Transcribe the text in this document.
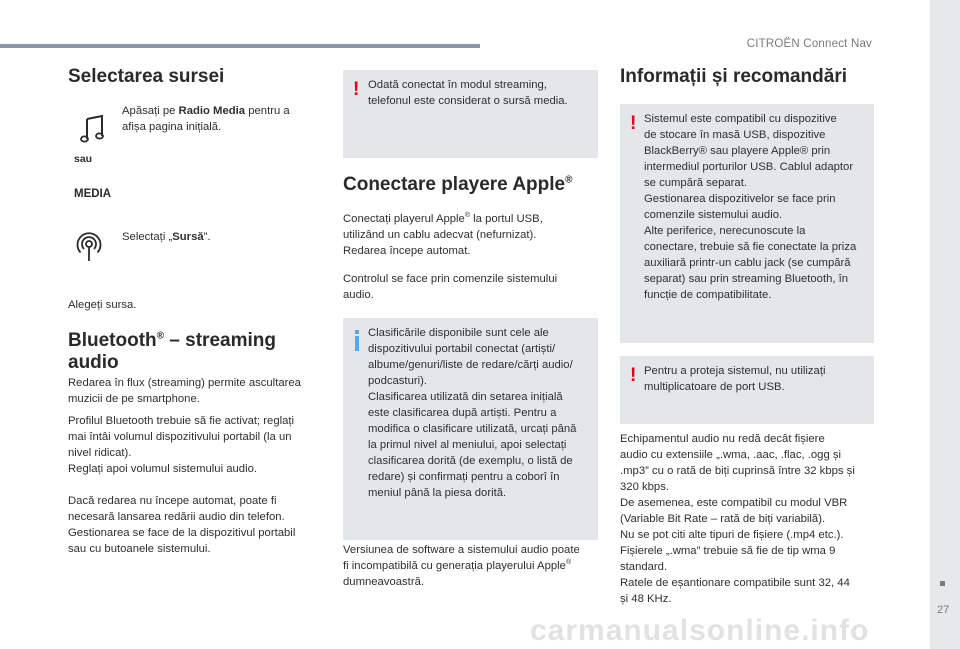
CITROËN Connect Nav
27
Selectarea sursei
Apăsați pe Radio Media pentru a
afișa pagina inițială.
sau
MEDIA
Selectați „Sursă”.

Alegeți sursa.

Bluetooth® – streaming
audio

Redarea în flux (streaming) permite ascultarea
muzicii de pe smartphone.

Profilul Bluetooth trebuie să fie activat; reglați
mai întâi volumul dispozitivului portabil (la un
nivel ridicat).
Reglați apoi volumul sistemului audio.

Dacă redarea nu începe automat, poate fi
necesară lansarea redării audio din telefon.
Gestionarea se face de la dispozitivul portabil
sau cu butoanele sistemului.

! Odată conectat în modul streaming,
telefonul este considerat o sursă media.
Conectare playere Apple®

Conectați playerul Apple® la portul USB,
utilizând un cablu adecvat (nefurnizat).
Redarea începe automat.

Controlul se face prin comenzile sistemului
audio.

Clasificările disponibile sunt cele ale
dispozitivului portabil conectat (artiști/
albume/genuri/liste de redare/cărți audio/
podcasturi).
Clasificarea utilizată din setarea inițială
este clasificarea după artiști. Pentru a
modifica o clasificare utilizată, urcați până
la primul nivel al meniului, apoi selectați
clasificarea dorită (de exemplu, o listă de
redare) și confirmați pentru a coborî în
meniul până la piesa dorită.

Versiunea de software a sistemului audio poate
fi incompatibilă cu generația playerului Apple®
dumneavoastră.

Informații și recomandări
! Sistemul este compatibil cu dispozitive
de stocare în masă USB, dispozitive
BlackBerry® sau playere Apple® prin
intermediul porturilor USB. Cablul adaptor
se cumpără separat.
Gestionarea dispozitivelor se face prin
comenzile sistemului audio.
Alte periferice, nerecunoscute la
conectare, trebuie să fie conectate la priza
auxiliară printr-un cablu jack (se cumpără
separat) sau prin streaming Bluetooth, în
funcție de compatibilitate.
! Pentru a proteja sistemul, nu utilizați
multiplicatoare de port USB.

Echipamentul audio nu redă decât fișiere
audio cu extensiile „.wma, .aac, .flac, .ogg și
.mp3” cu o rată de biți cuprinsă între 32 kbps și
320 kbps.
De asemenea, este compatibil cu modul VBR
(Variable Bit Rate – rată de biți variabilă).
Nu se pot citi alte tipuri de fișiere (.mp4 etc.).
Fișierele „.wma” trebuie să fie de tip wma 9
standard.
Ratele de eșantionare compatibile sunt 32, 44
și 48 KHz.

carmanualsonline.info
